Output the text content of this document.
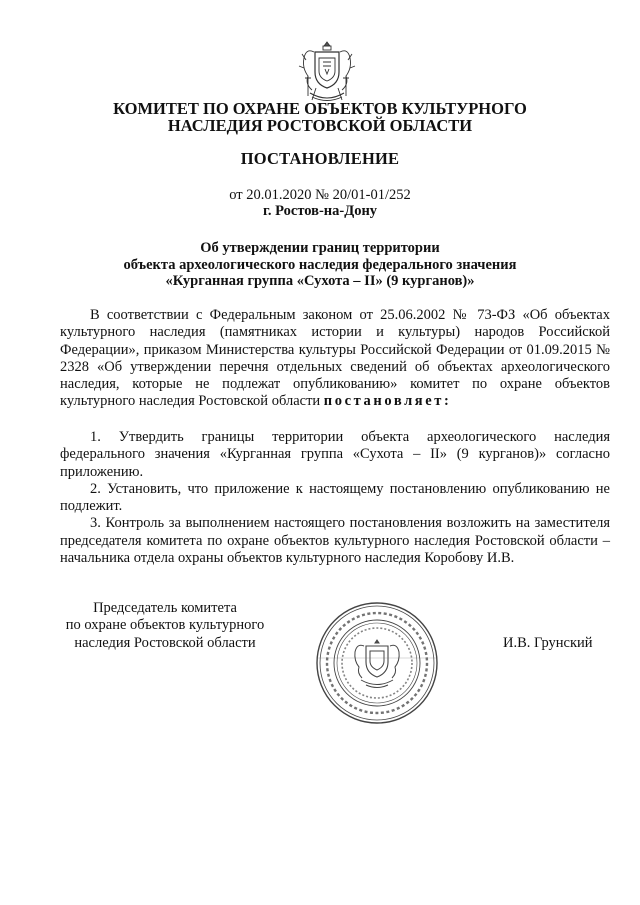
КОМИТЕТ ПО ОХРАНЕ ОБЪЕКТОВ КУЛЬТУРНОГО
НАСЛЕДИЯ РОСТОВСКОЙ ОБЛАСТИ
ПОСТАНОВЛЕНИЕ
от 20.01.2020 № 20/01-01/252
г. Ростов-на-Дону
Об утверждении границ территории
объекта археологического наследия федерального значения
«Курганная группа «Сухота – II» (9 курганов)»

В соответствии с Федеральным законом от 25.06.2002 № 73-ФЗ «Об объектах культурного наследия (памятниках истории и культуры) народов Российской Федерации», приказом Министерства культуры Российской Федерации от 01.09.2015 № 2328 «Об утверждении перечня отдельных сведений об объектах археологического наследия, которые не подлежат опубликованию» комитет по охране объектов культурного наследия Ростовской области постановляет:

1. Утвердить границы территории объекта археологического наследия федерального значения «Курганная группа «Сухота – II» (9 курганов)» согласно приложению.

2. Установить, что приложение к настоящему постановлению опубликованию не подлежит.

3. Контроль за выполнением настоящего постановления возложить на заместителя председателя комитета по охране объектов культурного наследия Ростовской области – начальника отдела охраны объектов культурного наследия Коробову И.В.

Председатель комитета
по охране объектов культурного
наследия Ростовской области	И.В. Грунский
